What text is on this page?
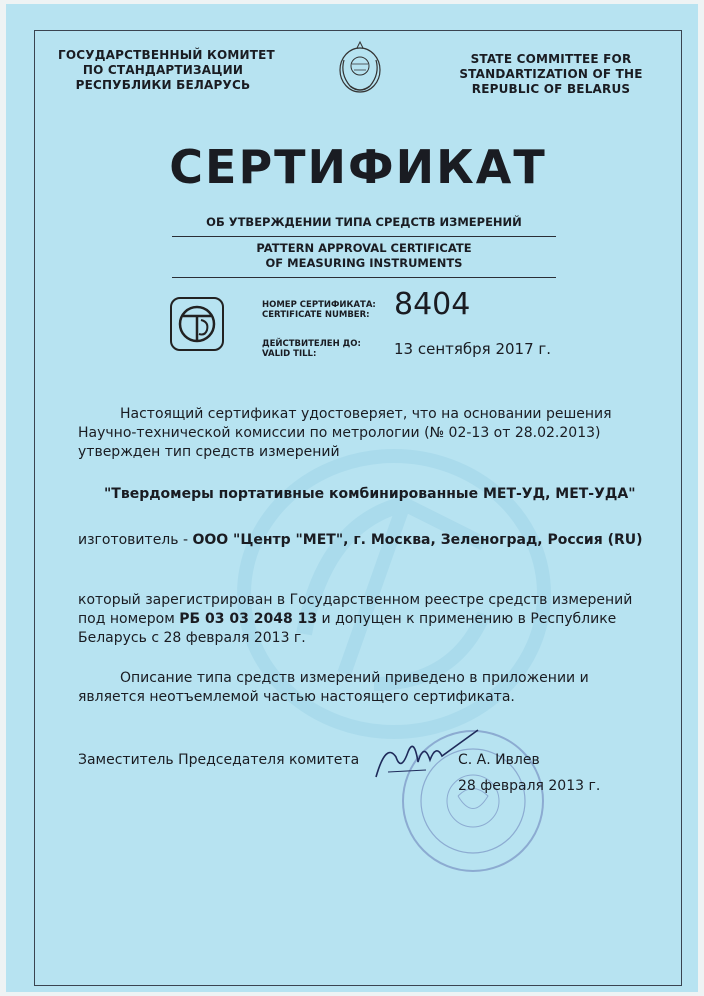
ГОСУДАРСТВЕННЫЙ КОМИТЕТ
ПО СТАНДАРТИЗАЦИИ
РЕСПУБЛИКИ БЕЛАРУСЬ
STATE COMMITTEE FOR
STANDARTIZATION OF THE
REPUBLIC OF BELARUS
СЕРТИФИКАТ
ОБ УТВЕРЖДЕНИИ ТИПА СРЕДСТВ ИЗМЕРЕНИЙ
PATTERN APPROVAL CERTIFICATE
OF MEASURING INSTRUMENTS
НОМЕР СЕРТИФИКАТА:
CERTIFICATE NUMBER: 8404
ДЕЙСТВИТЕЛЕН ДО:
VALID TILL:	13 сентября 2017 г.
Настоящий сертификат удостоверяет, что на основании решения
Научно-технической комиссии по метрологии (№ 02-13 от 28.02.2013)
утвержден тип средств измерений
"Твердомеры портативные комбинированные МЕТ-УД, МЕТ-УДА"
изготовитель - ООО "Центр "МЕТ", г. Москва, Зеленоград, Россия (RU)
который зарегистрирован в Государственном реестре средств измерений
под номером РБ 03 03 2048 13 и допущен к применению в Республике
Беларусь с 28 февраля 2013 г.
Описание типа средств измерений приведено в приложении и
является неотъемлемой частью настоящего сертификата.
Заместитель Председателя комитета	С. А. Ивлев
28 февраля 2013 г.
